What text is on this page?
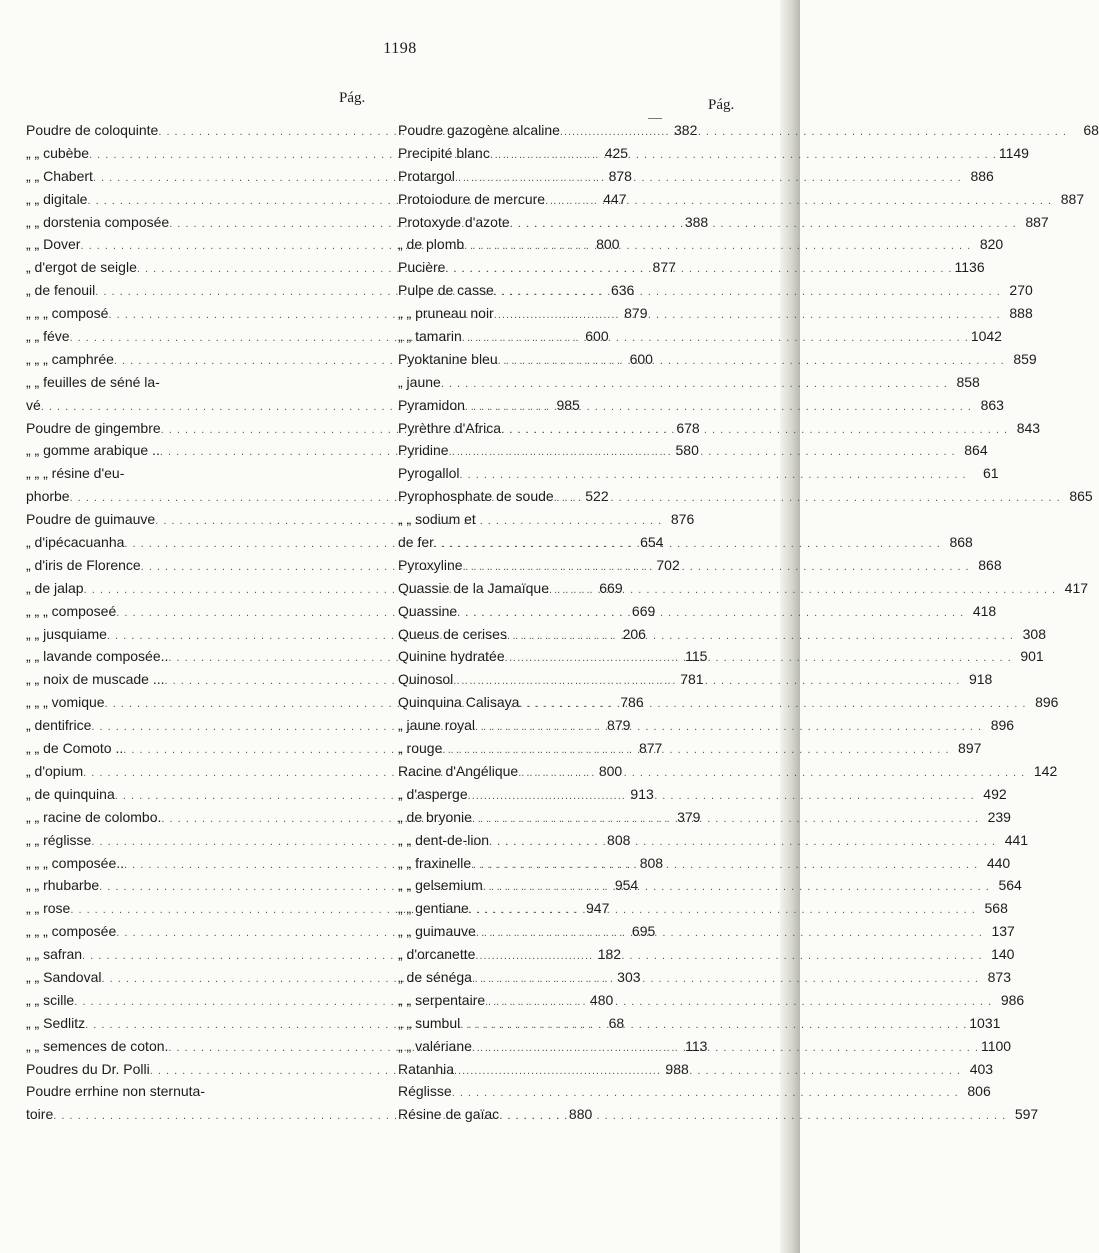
1198
Pág.	Pág.
Poudre de coloquinte . . .	382
„ „ cubèbe . . .	425
„ „ Chabert . . .	878
„ „ digitale . . .	447
„ „ dorstenia composée . . .	388
„ „ Dover . . .	800
„ d'ergot de seigle . . .	877
„ de fenouil . . .	636
„ „ „ composé . . .	879
„ „ féve . . .	600
„ „ „ camphrée . . .	600
„ „ feuilles de séné la-
vé . . .	985
Poudre de gingembre . . .	678
„ „ gomme arabique .. . . .	580
„ „ „ résine d'eu-
phorbe . . .	522
Poudre de guimauve . . .	876
„ d'ipécacuanha . . .	654
„ d'iris de Florence . . .	702
„ de jalap . . .	669
„ „ „ composeé . . .	669
„ „ jusquiame . . .	206
„ „ lavande composée.. . . .	115
„ „ noix de muscade ... . . .	781
„ „ „ vomique . . .	786
„ dentifrice . . .	879
„ „ de Comoto .. . . .	877
„ d'opium . . .	800
„ de quinquina . . .	913
„ „ racine de colombo. . . .	379
„ „ réglisse . . .	808
„ „ „ composée.. . . .	808
„ „ rhubarbe . . .	954
„ „ rose . . .	947
„ „ „ composée . . .	695
„ „ safran . . .	182
„ „ Sandoval . . .	303
„ „ scille . . .	480
„ „ Sedlitz . . .	68
„ „ semences de coton. . . .	113
Poudres du Dr. Polli . . .	988
Poudre errhine non sternuta-
toire . . .	880
Poudre gazogène alcaline . . .	68
Precipité blanc . . .	1149
Protargol . . .	886
Protoiodure de mercure . . .	887
Protoxyde d'azote . . .	887
„ de plomb . . .	820
Pucière . . .	1136
Pulpe de casse . . .	270
„ „ pruneau noir . . .	888
„ „ tamarin . . .	1042
Pyoktanine bleu . . .	859
„ jaune . . .	858
Pyramidon . . .	863
Pyrèthre d'Africa . . .	843
Pyridine . . .	864
Pyrogallol . . .	61
Pyrophosphate de soude . . .	865
„ „ sodium et
de fer . . .	868
Pyroxyline . . .	868
Quassie de la Jamaïque . . .	417
Quassine . . .	418
Queus de cerises . . .	308
Quinine hydratée . . .	901
Quinosol . . .	918
Quinquina Calisaya . . .	896
„ jaune royal . . .	896
„ rouge . . .	897
Racine d'Angélique . . .	142
„ d'asperge . . .	492
„ de bryonie . . .	239
„ „ dent-de-lion . . .	441
„ „ fraxinelle . . .	440
„ „ gelsemium . . .	564
„ „ gentiane . . .	568
„ „ guimauve . . .	137
„ d'orcanette . . .	140
„ de sénéga . . .	873
„ „ serpentaire . . .	986
„ „ sumbul . . .	1031
„ „ valériane . . .	1100
Ratanhia . . .	403
Réglisse . . .	806
Résine de gaïac . . .	597
